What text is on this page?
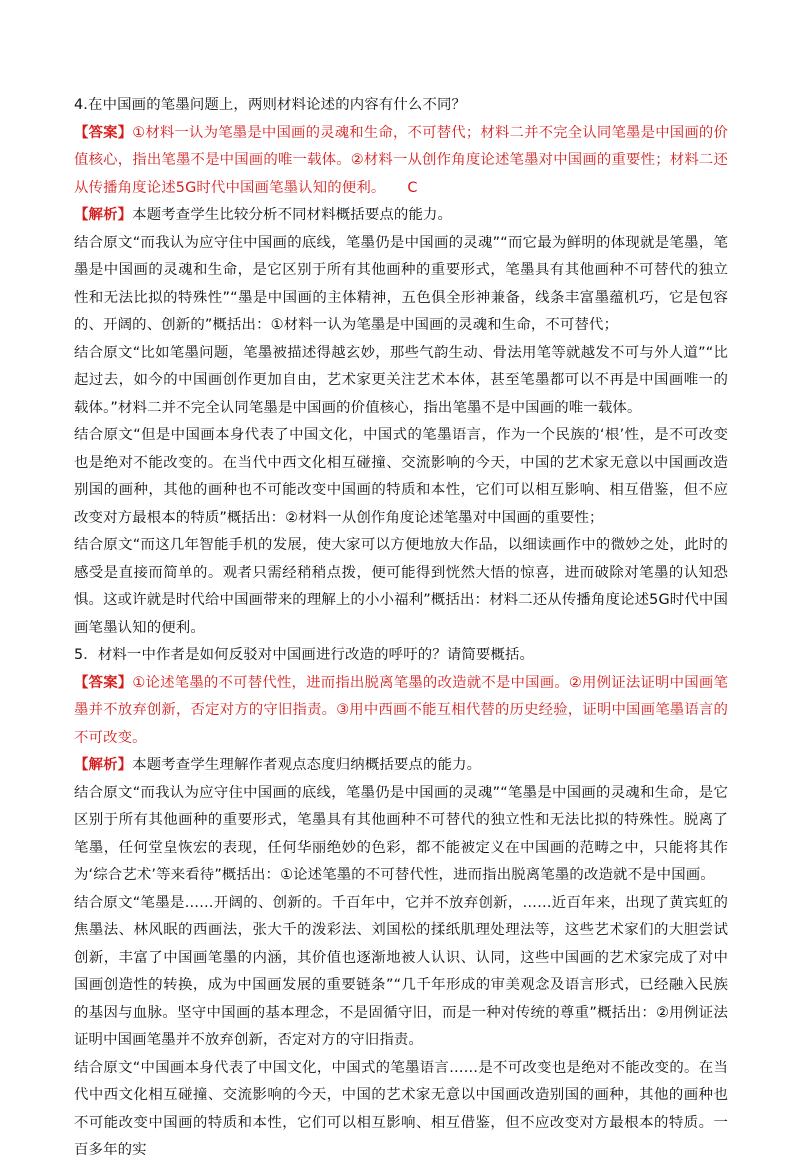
4.在中国画的笔墨问题上，两则材料论述的内容有什么不同？

【答案】①材料一认为笔墨是中国画的灵魂和生命，不可替代；材料二并不完全认同笔墨是中国画的价值核心，指出笔墨不是中国画的唯一载体。②材料一从创作角度论述笔墨对中国画的重要性；材料二还从传播角度论述5G时代中国画笔墨认知的便利。 C

【解析】本题考查学生比较分析不同材料概括要点的能力。

结合原文“而我认为应守住中国画的底线，笔墨仍是中国画的灵魂”“而它最为鲜明的体现就是笔墨，笔墨是中国画的灵魂和生命，是它区别于所有其他画种的重要形式，笔墨具有其他画种不可替代的独立性和无法比拟的特殊性”“墨是中国画的主体精神，五色俱全形神兼备，线条丰富墨蕴机巧，它是包容的、开阔的、创新的”概括出：①材料一认为笔墨是中国画的灵魂和生命，不可替代；

结合原文“比如笔墨问题，笔墨被描述得越玄妙，那些气韵生动、骨法用笔等就越发不可与外人道”“比起过去，如今的中国画创作更加自由，艺术家更关注艺术本体，甚至笔墨都可以不再是中国画唯一的载体。”材料二并不完全认同笔墨是中国画的价值核心，指出笔墨不是中国画的唯一载体。

结合原文“但是中国画本身代表了中国文化，中国式的笔墨语言，作为一个民族的‘根’性，是不可改变也是绝对不能改变的。在当代中西文化相互碰撞、交流影响的今天，中国的艺术家无意以中国画改造别国的画种，其他的画种也不可能改变中国画的特质和本性，它们可以相互影响、相互借鉴，但不应改变对方最根本的特质”概括出：②材料一从创作角度论述笔墨对中国画的重要性；

结合原文“而这几年智能手机的发展，使大家可以方便地放大作品，以细读画作中的微妙之处，此时的感受是直接而简单的。观者只需经稍稍点拨，便可能得到恍然大悟的惊喜，进而破除对笔墨的认知恐惧。这或许就是时代给中国画带来的理解上的小小福利”概括出：材料二还从传播角度论述5G时代中国画笔墨认知的便利。

5．材料一中作者是如何反驳对中国画进行改造的呼吁的？请简要概括。

【答案】①论述笔墨的不可替代性，进而指出脱离笔墨的改造就不是中国画。②用例证法证明中国画笔墨并不放弃创新，否定对方的守旧指责。③用中西画不能互相代替的历史经验，证明中国画笔墨语言的不可改变。

【解析】本题考查学生理解作者观点态度归纳概括要点的能力。

结合原文“而我认为应守住中国画的底线，笔墨仍是中国画的灵魂”“笔墨是中国画的灵魂和生命，是它区别于所有其他画种的重要形式，笔墨具有其他画种不可替代的独立性和无法比拟的特殊性。脱离了笔墨，任何堂皇恢宏的表现，任何华丽绝妙的色彩，都不能被定义在中国画的范畴之中，只能将其作为‘综合艺术’等来看待”概括出：①论述笔墨的不可替代性，进而指出脱离笔墨的改造就不是中国画。

结合原文“笔墨是……开阔的、创新的。千百年中，它并不放弃创新，……近百年来，出现了黄宾虹的焦墨法、林风眠的西画法，张大千的泼彩法、刘国松的揉纸肌理处理法等，这些艺术家们的大胆尝试创新，丰富了中国画笔墨的内涵，其价值也逐渐地被人认识、认同，这些中国画的艺术家完成了对中国画创造性的转换，成为中国画发展的重要链条”“几千年形成的审美观念及语言形式，已经融入民族的基因与血脉。坚守中国画的基本理念，不是固循守旧，而是一种对传统的尊重”概括出：②用例证法证明中国画笔墨并不放弃创新，否定对方的守旧指责。

结合原文“中国画本身代表了中国文化，中国式的笔墨语言……是不可改变也是绝对不能改变的。在当代中西文化相互碰撞、交流影响的今天，中国的艺术家无意以中国画改造别国的画种，其他的画种也不可能改变中国画的特质和本性，它们可以相互影响、相互借鉴，但不应改变对方最根本的特质。一百多年的实
